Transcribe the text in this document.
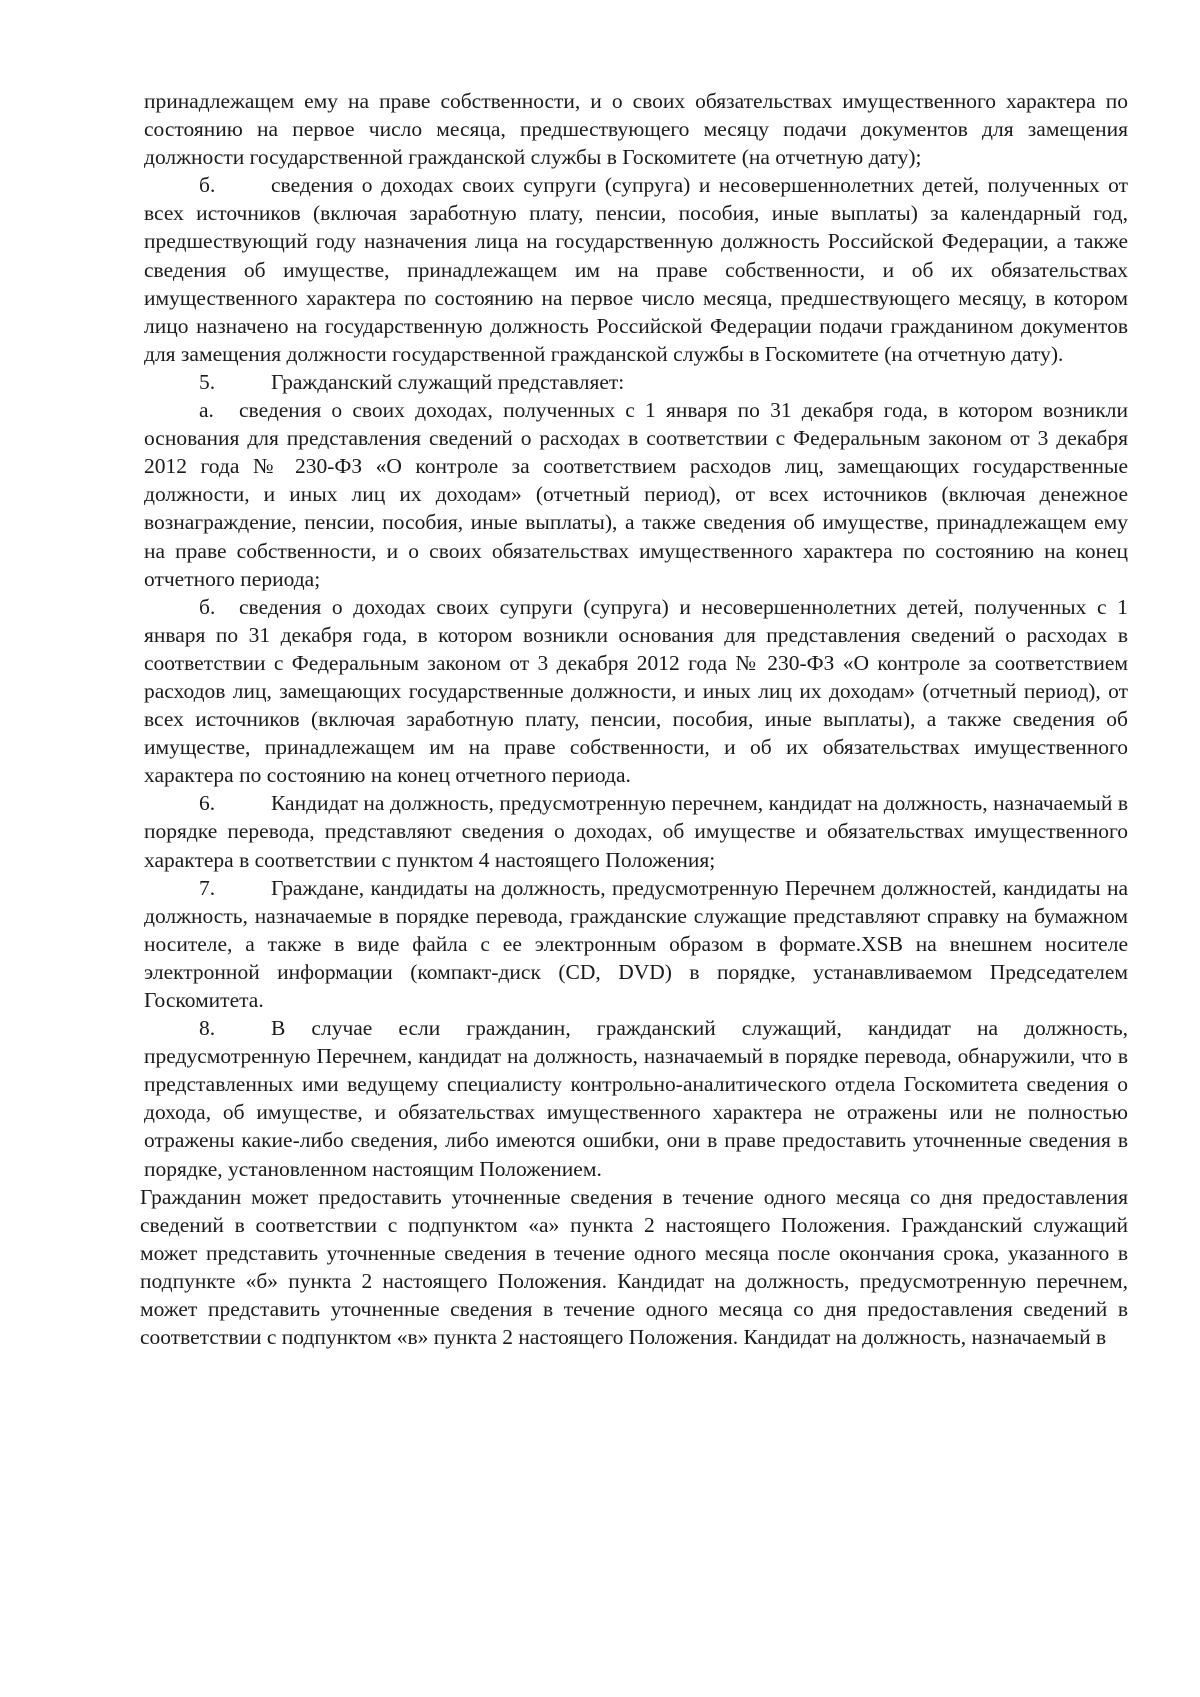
принадлежащем ему на праве собственности, и о своих обязательствах имущественного характера по состоянию на первое число месяца, предшествующего месяцу подачи документов для замещения должности государственной гражданской службы в Госкомитете (на отчетную дату);

б.	сведения о доходах своих супруги (супруга) и несовершеннолетних детей, полученных от всех источников (включая заработную плату, пенсии, пособия, иные выплаты) за календарный год, предшествующий году назначения лица на государственную должность Российской Федерации, а также сведения об имуществе, принадлежащем им на праве собственности, и об их обязательствах имущественного характера по состоянию на первое число месяца, предшествующего месяцу, в котором лицо назначено на государственную должность Российской Федерации подачи гражданином документов для замещения должности государственной гражданской службы в Госкомитете (на отчетную дату).

5.	Гражданский служащий представляет:

а. сведения о своих доходах, полученных с 1 января по 31 декабря года, в котором возникли основания для представления сведений о расходах в соответствии с Федеральным законом от 3 декабря 2012 года № 230-ФЗ «О контроле за соответствием расходов лиц, замещающих государственные должности, и иных лиц их доходам» (отчетный период), от всех источников (включая денежное вознаграждение, пенсии, пособия, иные выплаты), а также сведения об имуществе, принадлежащем ему на праве собственности, и о своих обязательствах имущественного характера по состоянию на конец отчетного периода;

б. сведения о доходах своих супруги (супруга) и несовершеннолетних детей, полученных с 1 января по 31 декабря года, в котором возникли основания для представления сведений о расходах в соответствии с Федеральным законом от 3 декабря 2012 года № 230-ФЗ «О контроле за соответствием расходов лиц, замещающих государственные должности, и иных лиц их доходам» (отчетный период), от всех источников (включая заработную плату, пенсии, пособия, иные выплаты), а также сведения об имуществе, принадлежащем им на праве собственности, и об их обязательствах имущественного характера по состоянию на конец отчетного периода.

6.	Кандидат на должность, предусмотренную перечнем, кандидат на должность, назначаемый в порядке перевода, представляют сведения о доходах, об имуществе и обязательствах имущественного характера в соответствии с пунктом 4 настоящего Положения;

7.	Граждане, кандидаты на должность, предусмотренную Перечнем должностей, кандидаты на должность, назначаемые в порядке перевода, гражданские служащие представляют справку на бумажном носителе, а также в виде файла с ее электронным образом в формате.XSB на внешнем носителе электронной информации (компакт-диск (CD, DVD) в порядке, устанавливаемом Председателем Госкомитета.

8.	В случае если гражданин, гражданский служащий, кандидат на должность, предусмотренную Перечнем, кандидат на должность, назначаемый в порядке перевода, обнаружили, что в представленных ими ведущему специалисту контрольно-аналитического отдела Госкомитета сведения о дохода, об имуществе, и обязательствах имущественного характера не отражены или не полностью отражены какие-либо сведения, либо имеются ошибки, они в праве предоставить уточненные сведения в порядке, установленном настоящим Положением.

Гражданин может предоставить уточненные сведения в течение одного месяца со дня предоставления сведений в соответствии с подпунктом «а» пункта 2 настоящего Положения. Гражданский служащий может представить уточненные сведения в течение одного месяца после окончания срока, указанного в подпункте «б» пункта 2 настоящего Положения. Кандидат на должность, предусмотренную перечнем, может представить уточненные сведения в течение одного месяца со дня предоставления сведений в соответствии с подпунктом «в» пункта 2 настоящего Положения. Кандидат на должность, назначаемый в
